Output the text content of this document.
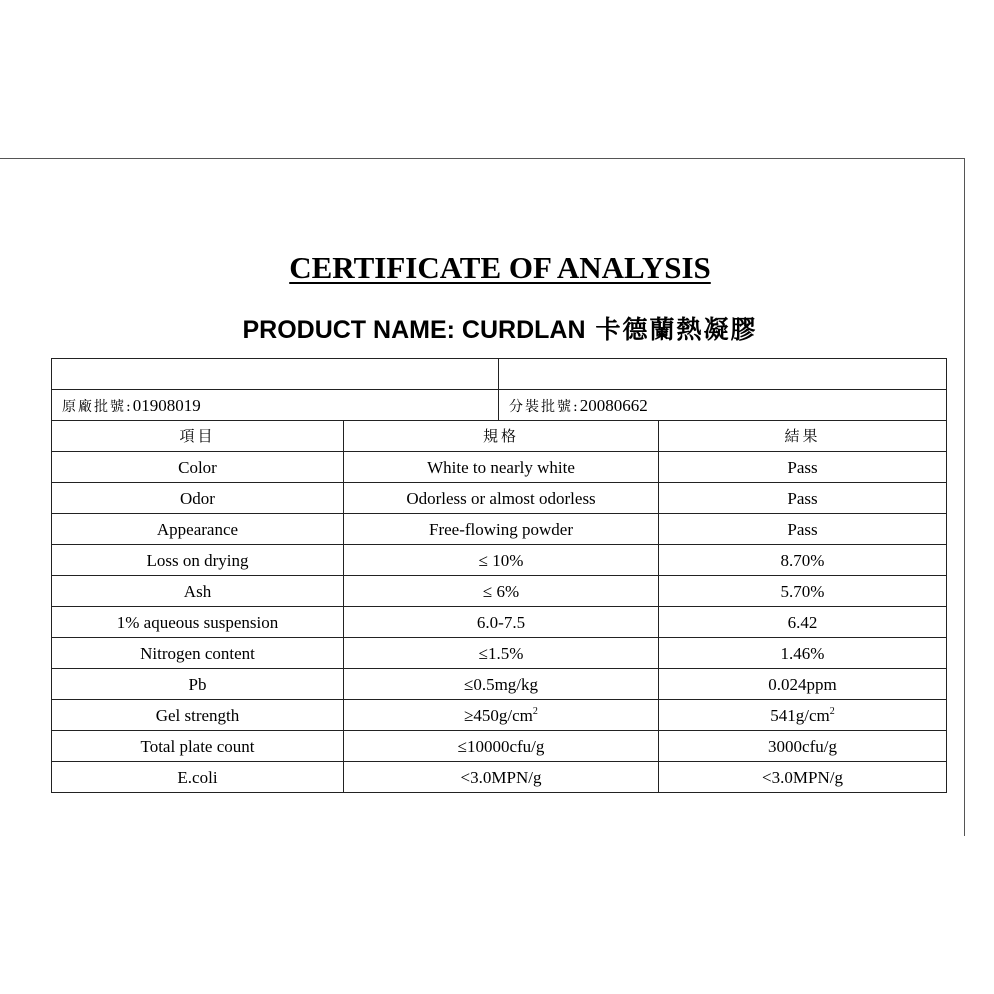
CERTIFICATE OF ANALYSIS
PRODUCT NAME: CURDLAN 卡德蘭熱凝膠

原廠批號:01908019		分裝批號:20080662	
項目	規格		結果
Color	White to nearly white		Pass
Odor	Odorless or almost odorless		Pass
Appearance	Free-flowing powder		Pass
Loss on drying	≤ 10%		8.70%
Ash	≤ 6%		5.70%
1% aqueous suspension	6.0-7.5		6.42
Nitrogen content	≤1.5%		1.46%
Pb	≤0.5mg/kg		0.024ppm
Gel strength	$\ge 450g/cm^2$		$541g/cm^2$
Total plate count	≤10000cfu/g		3000cfu/g
E.coli	<3.0MPN/g		<3.0MPN/g
